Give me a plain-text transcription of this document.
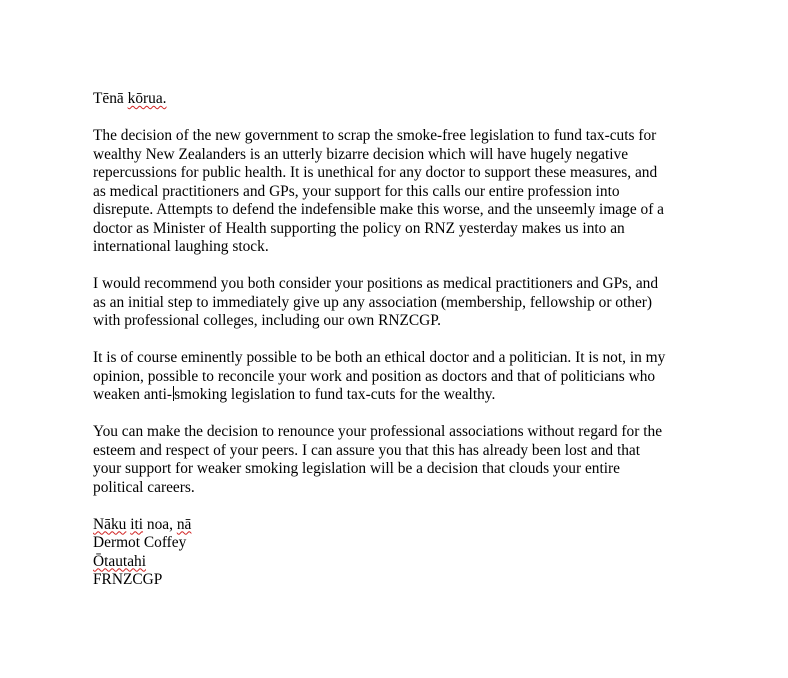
Tēnā kōrua.

The decision of the new government to scrap the smoke-free legislation to fund tax-cuts for
wealthy New Zealanders is an utterly bizarre decision which will have hugely negative
repercussions for public health. It is unethical for any doctor to support these measures, and
as medical practitioners and GPs, your support for this calls our entire profession into
disrepute. Attempts to defend the indefensible make this worse, and the unseemly image of a
doctor as Minister of Health supporting the policy on RNZ yesterday makes us into an
international laughing stock.

I would recommend you both consider your positions as medical practitioners and GPs, and
as an initial step to immediately give up any association (membership, fellowship or other)
with professional colleges, including our own RNZCGP.

It is of course eminently possible to be both an ethical doctor and a politician. It is not, in my
opinion, possible to reconcile your work and position as doctors and that of politicians who
weaken anti- smoking legislation to fund tax-cuts for the wealthy.

You can make the decision to renounce your professional associations without regard for the
esteem and respect of your peers. I can assure you that this has already been lost and that
your support for weaker smoking legislation will be a decision that clouds your entire
political careers.

Nāku iti noa, nā
Dermot Coffey
Ōtautahi
FRNZCGP
